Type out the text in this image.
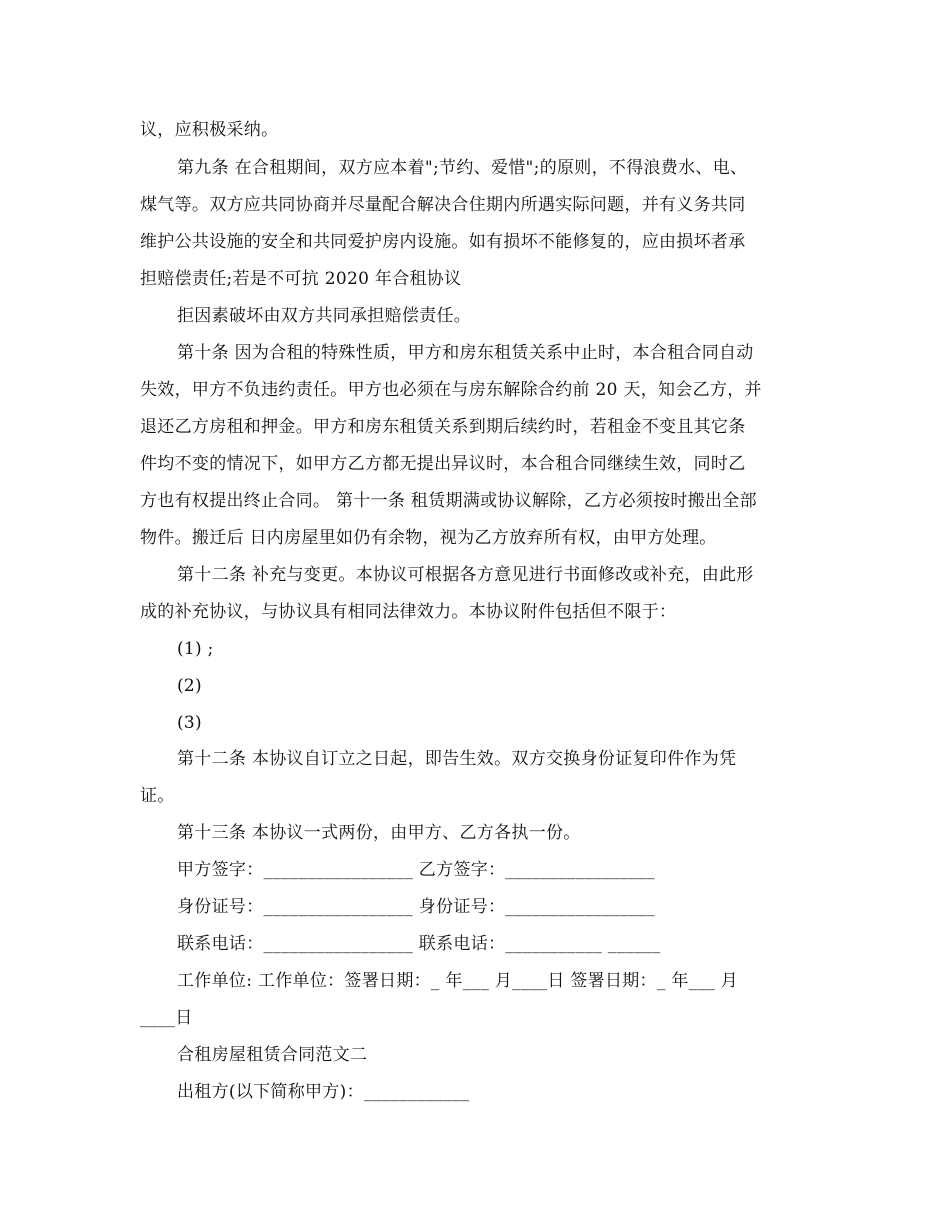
议，应积极采纳。
第九条 在合租期间，双方应本着";节约、爱惜";的原则，不得浪费水、电、
煤气等。双方应共同协商并尽量配合解决合住期内所遇实际问题，并有义务共同
维护公共设施的安全和共同爱护房内设施。如有损坏不能修复的，应由损坏者承
担赔偿责任;若是不可抗 2020 年合租协议
拒因素破坏由双方共同承担赔偿责任。
第十条 因为合租的特殊性质，甲方和房东租赁关系中止时，本合租合同自动
失效，甲方不负违约责任。甲方也必须在与房东解除合约前 20 天，知会乙方，并
退还乙方房租和押金。甲方和房东租赁关系到期后续约时，若租金不变且其它条
件均不变的情况下，如甲方乙方都无提出异议时，本合租合同继续生效，同时乙
方也有权提出终止合同。 第十一条 租赁期满或协议解除，乙方必须按时搬出全部
物件。搬迁后 日内房屋里如仍有余物，视为乙方放弃所有权，由甲方处理。
第十二条 补充与变更。本协议可根据各方意见进行书面修改或补充，由此形
成的补充协议，与协议具有相同法律效力。本协议附件包括但不限于：
(1) ;
(2)
(3)
第十二条 本协议自订立之日起，即告生效。双方交换身份证复印件作为凭
证。
第十三条 本协议一式两份，由甲方、乙方各执一份。
甲方签字：_________________ 乙方签字：_________________
身份证号：_________________ 身份证号：_________________
联系电话：_________________ 联系电话：___________ ______
工作单位: 工作单位：签署日期：_ 年___ 月____日 签署日期：_ 年___ 月
____日
合租房屋租赁合同范文二
出租方(以下简称甲方)：____________
